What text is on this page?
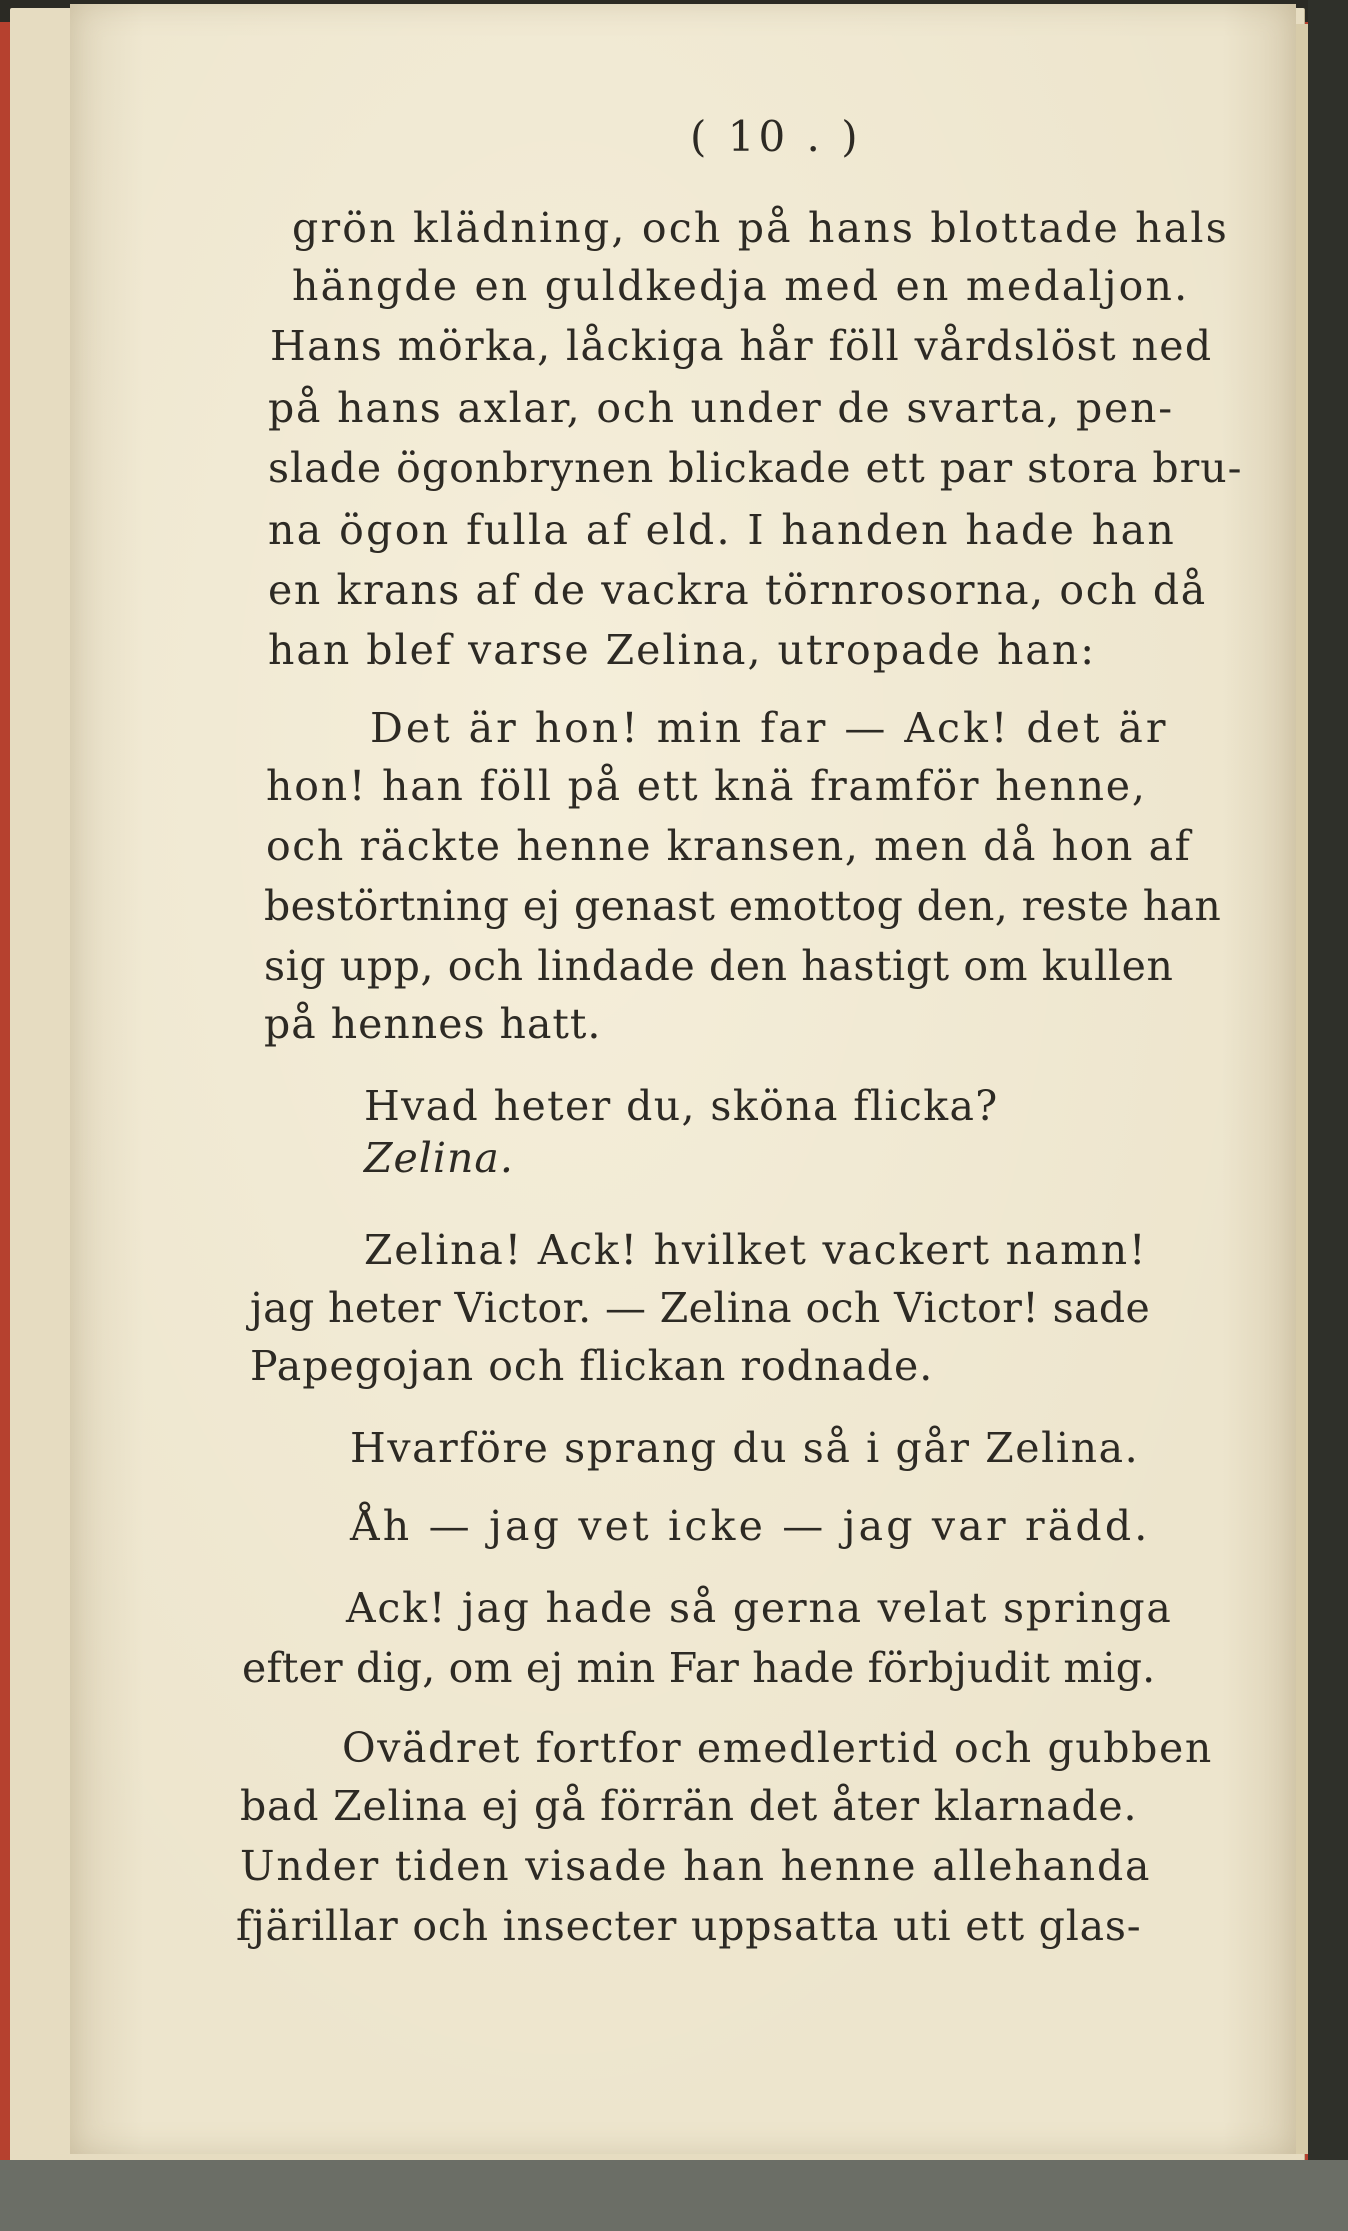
( 10 . )
grön klädning, och på hans blottade hals
hängde en guldkedja med en medaljon.
Hans mörka, låckiga hår föll vårdslöst ned
på hans axlar, och under de svarta, pen-
slade ögonbrynen blickade ett par stora bru-
na ögon fulla af eld. I handen hade han
en krans af de vackra törnrosorna, och då
han blef varse Zelina, utropade han:
Det är hon! min far — Ack! det är
hon! han föll på ett knä framför henne,
och räckte henne kransen, men då hon af
bestörtning ej genast emottog den, reste han
sig upp, och lindade den hastigt om kullen
på hennes hatt.
Hvad heter du, sköna flicka?
Zelina.
Zelina! Ack! hvilket vackert namn!
jag heter Victor. — Zelina och Victor! sade
Papegojan och flickan rodnade.
Hvarföre sprang du så i går Zelina.
Åh — jag vet icke — jag var rädd.
Ack! jag hade så gerna velat springa
efter dig, om ej min Far hade förbjudit mig.
Ovädret fortfor emedlertid och gubben
bad Zelina ej gå förrän det åter klarnade.
Under tiden visade han henne allehanda
fjärillar och insecter uppsatta uti ett glas-
